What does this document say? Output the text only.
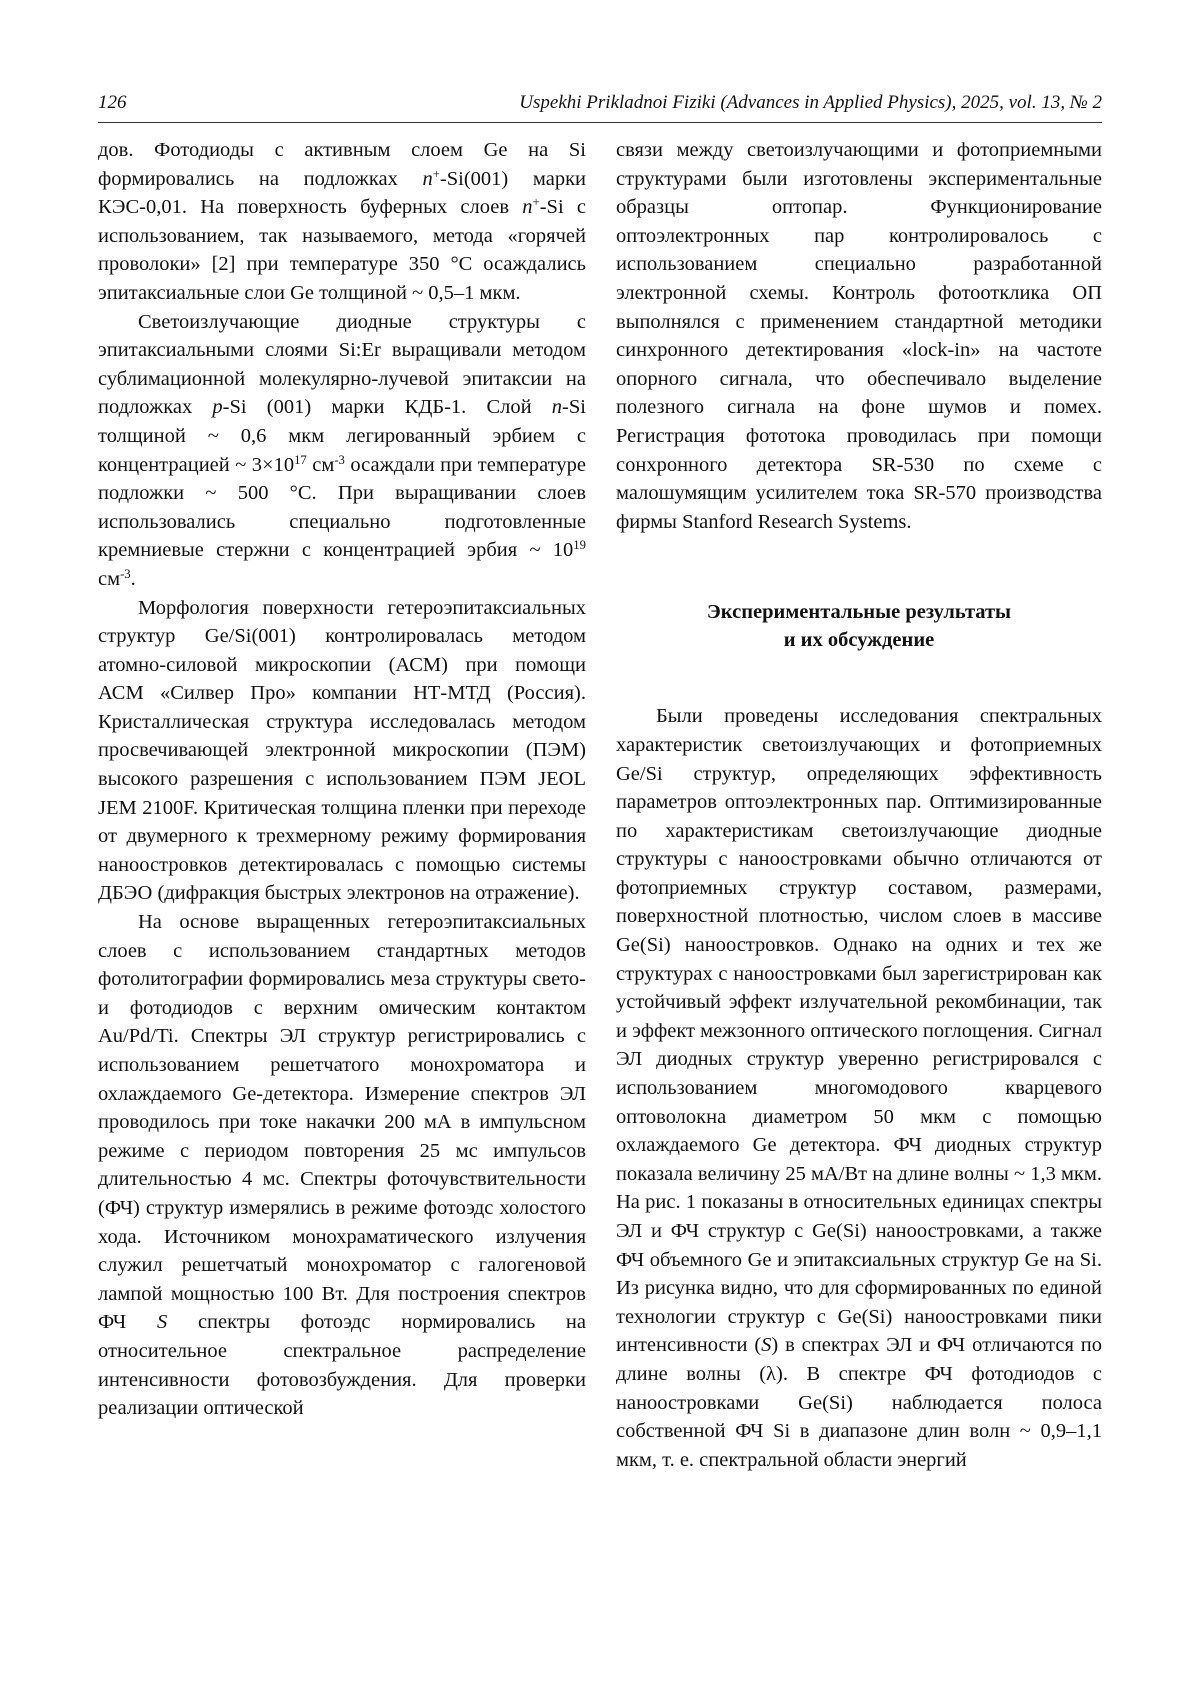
126	Uspekhi Prikladnoi Fiziki (Advances in Applied Physics), 2025, vol. 13, № 2

дов. Фотодиоды с активным слоем Ge на Si формировались на подложках n+-Si(001) марки КЭС-0,01. На поверхность буферных слоев n+-Si с использованием, так называемого, метода «горячей проволоки» [2] при температуре 350 °С осаждались эпитаксиальные слои Ge толщиной ~ 0,5–1 мкм.

Светоизлучающие диодные структуры с эпитаксиальными слоями Si:Er выращивали методом сублимационной молекулярно-лучевой эпитаксии на подложках p-Si (001) марки КДБ-1. Слой n-Si толщиной ~ 0,6 мкм легированный эрбием с концентрацией ~ $3\times 10^{17}$ $см^{-3}$ осаждали при температуре подложки ~ 500 °С. При выращивании слоев использовались специально подготовленные кремниевые стержни с концентрацией эрбия ~ $10^{19}$ $см^{-3}$.

Морфология поверхности гетероэпитаксиальных структур Ge/Si(001) контролировалась методом атомно-силовой микроскопии (АСМ) при помощи АСМ «Силвер Про» компании НТ-МТД (Россия). Кристаллическая структура исследовалась методом просвечивающей электронной микроскопии (ПЭМ) высокого разрешения с использованием ПЭМ JEOL JEM 2100F. Критическая толщина пленки при переходе от двумерного к трехмерному режиму формирования наноостровков детектировалась с помощью системы ДБЭО (дифракция быстрых электронов на отражение).

На основе выращенных гетероэпитаксиальных слоев с использованием стандартных методов фотолитографии формировались меза структуры свето- и фотодиодов с верхним омическим контактом Au/Pd/Ti. Спектры ЭЛ структур регистрировались с использованием решетчатого монохроматора и охлаждаемого Ge-детектора. Измерение спектров ЭЛ проводилось при токе накачки 200 мА в импульсном режиме с периодом повторения 25 мс импульсов длительностью 4 мс. Спектры фоточувствительности (ФЧ) структур измерялись в режиме фотоэдс холостого хода. Источником монохраматического излучения служил решетчатый монохроматор с галогеновой лампой мощностью 100 Вт. Для построения спектров ФЧ S спектры фотоэдс нормировались на относительное спектральное распределение интенсивности фотовозбуждения. Для проверки реализации оптической

связи между светоизлучающими и фотоприемными структурами были изготовлены экспериментальные образцы оптопар. Функционирование оптоэлектронных пар контролировалось с использованием специально разработанной электронной схемы. Контроль фотоотклика ОП выполнялся с применением стандартной методики синхронного детектирования «lock-in» на частоте опорного сигнала, что обеспечивало выделение полезного сигнала на фоне шумов и помех. Регистрация фототока проводилась при помощи сонхронного детектора SR-530 по схеме с малошумящим усилителем тока SR-570 производства фирмы Stanford Research Systems.

Экспериментальные результаты
и их обсуждение

Были проведены исследования спектральных характеристик светоизлучающих и фотоприемных Ge/Si структур, определяющих эффективность параметров оптоэлектронных пар. Оптимизированные по характеристикам светоизлучающие диодные структуры с наноостровками обычно отличаются от фотоприемных структур составом, размерами, поверхностной плотностью, числом слоев в массиве Ge(Si) наноостровков. Однако на одних и тех же структурах с наноостровками был зарегистрирован как устойчивый эффект излучательной рекомбинации, так и эффект межзонного оптического поглощения. Сигнал ЭЛ диодных структур уверенно регистрировался с использованием многомодового кварцевого оптоволокна диаметром 50 мкм с помощью охлаждаемого Ge детектора. ФЧ диодных структур показала величину 25 мА/Вт на длине волны ~ 1,3 мкм. На рис. 1 показаны в относительных единицах спектры ЭЛ и ФЧ структур с Ge(Si) наноостровками, а также ФЧ объемного Ge и эпитаксиальных структур Ge на Si. Из рисунка видно, что для сформированных по единой технологии структур с Ge(Si) наноостровками пики интенсивности (S) в спектрах ЭЛ и ФЧ отличаются по длине волны (λ). В спектре ФЧ фотодиодов с наноостровками Ge(Si) наблюдается полоса собственной ФЧ Si в диапазоне длин волн ~ 0,9–1,1 мкм, т. е. спектральной области энергий
